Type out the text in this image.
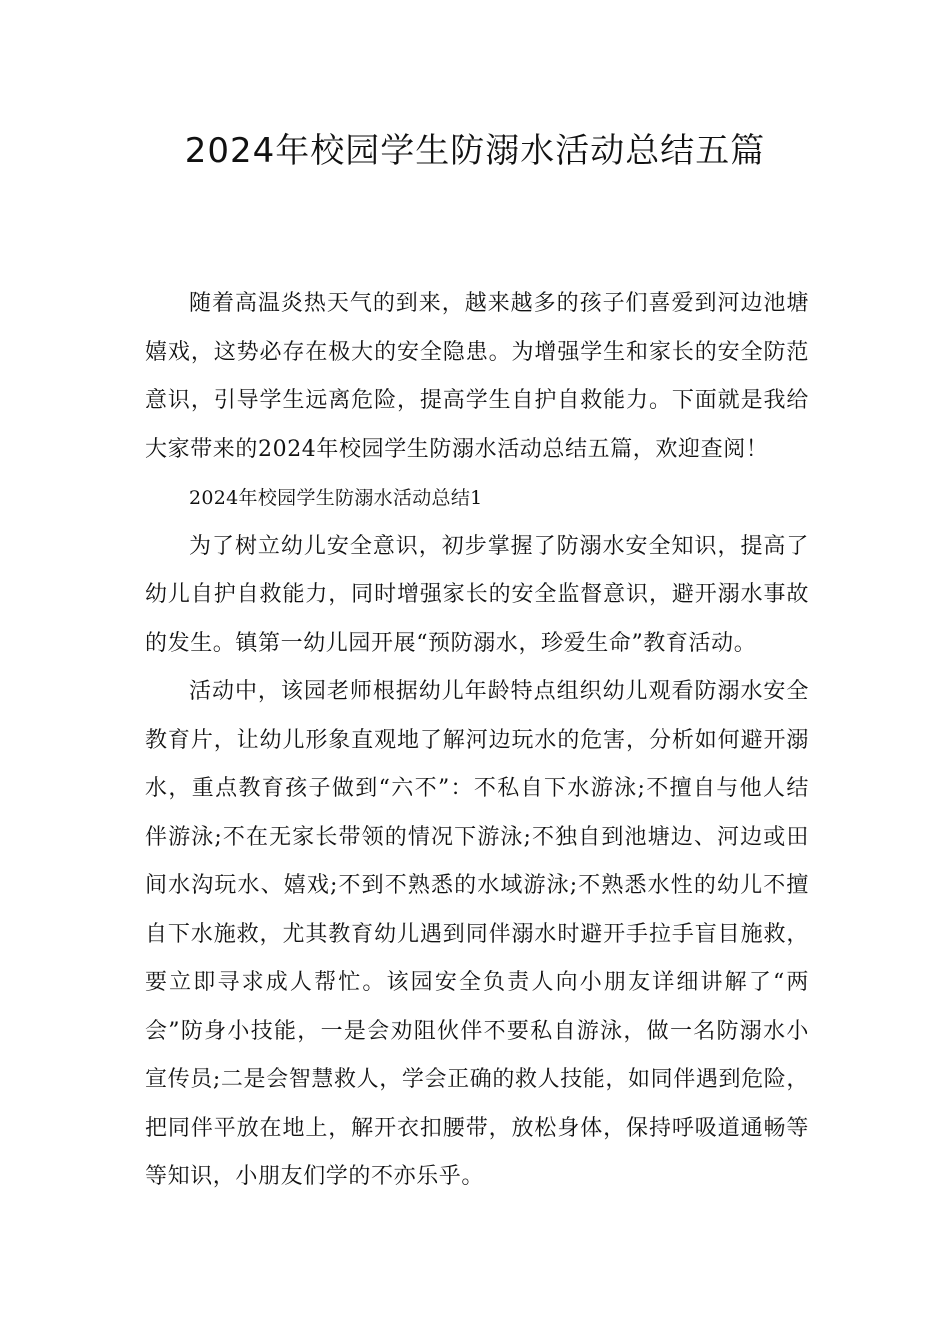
2024年校园学生防溺水活动总结五篇

随着高温炎热天气的到来，越来越多的孩子们喜爱到河边池塘嬉戏，这势必存在极大的安全隐患。为增强学生和家长的安全防范意识，引导学生远离危险，提高学生自护自救能力。下面就是我给大家带来的2024年校园学生防溺水活动总结五篇，欢迎查阅！

2024年校园学生防溺水活动总结1

为了树立幼儿安全意识，初步掌握了防溺水安全知识，提高了幼儿自护自救能力，同时增强家长的安全监督意识，避开溺水事故的发生。镇第一幼儿园开展“预防溺水，珍爱生命”教育活动。

活动中，该园老师根据幼儿年龄特点组织幼儿观看防溺水安全教育片，让幼儿形象直观地了解河边玩水的危害，分析如何避开溺水，重点教育孩子做到“六不”：不私自下水游泳;不擅自与他人结伴游泳;不在无家长带领的情况下游泳;不独自到池塘边、河边或田间水沟玩水、嬉戏;不到不熟悉的水域游泳;不熟悉水性的幼儿不擅自下水施救，尤其教育幼儿遇到同伴溺水时避开手拉手盲目施救，要立即寻求成人帮忙。该园安全负责人向小朋友详细讲解了“两会”防身小技能，一是会劝阻伙伴不要私自游泳，做一名防溺水小宣传员;二是会智慧救人，学会正确的救人技能，如同伴遇到危险，把同伴平放在地上，解开衣扣腰带，放松身体，保持呼吸道通畅等等知识，小朋友们学的不亦乐乎。
